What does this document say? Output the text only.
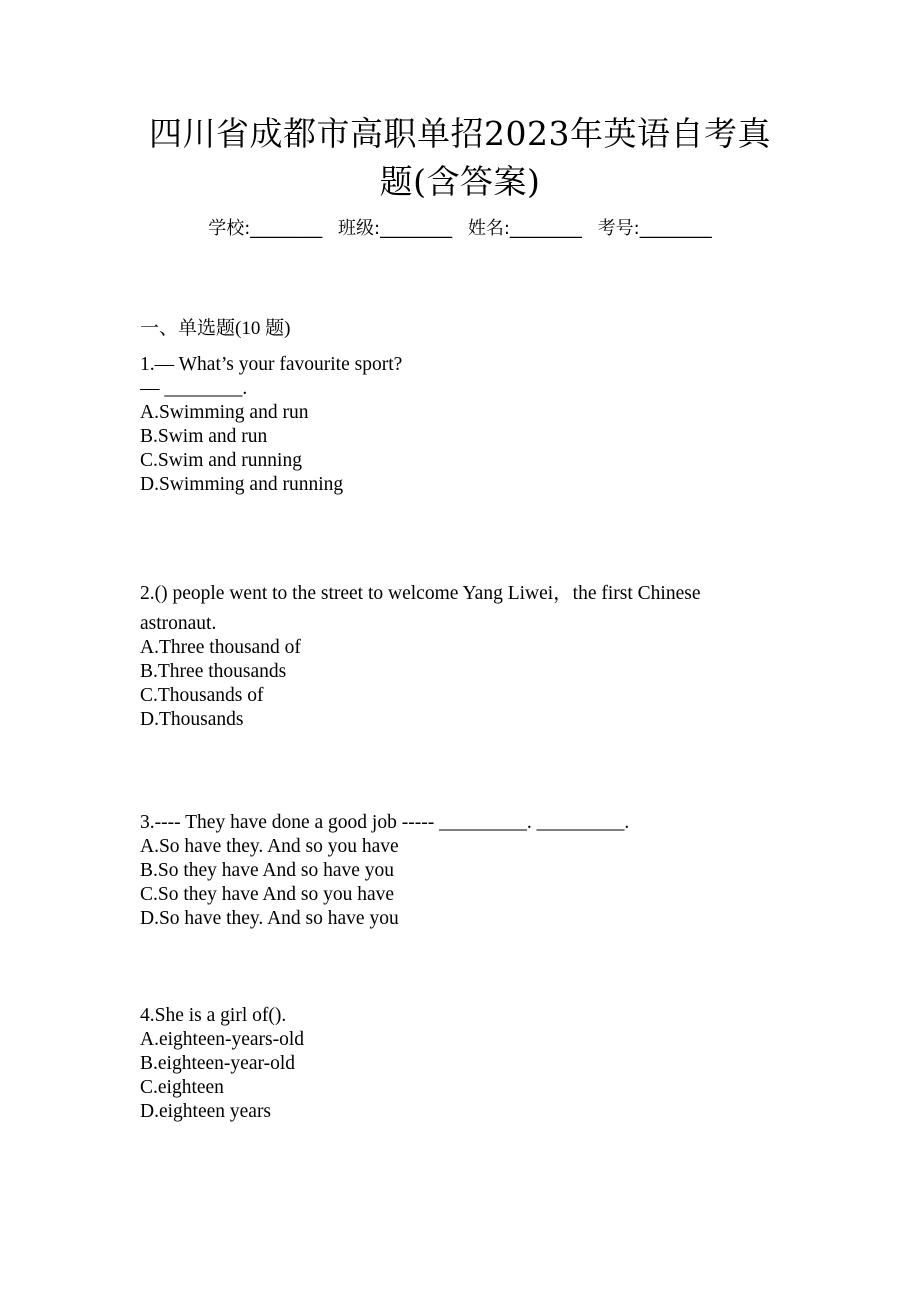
四川省成都市高职单招2023年英语自考真
题(含答案)
学校:________ 班级:________ 姓名:________ 考号:________
一、单选题(10 题)
1.— What’s your favourite sport?
— ________.
A.Swimming and run
B.Swim and run
C.Swim and running
D.Swimming and running
2.() people went to the street to welcome Yang Liwei，the first Chinese
astronaut.
A.Three thousand of
B.Three thousands
C.Thousands of
D.Thousands
3.---- They have done a good job ----- _________. _________.
A.So have they. And so you have
B.So they have And so have you
C.So they have And so you have
D.So have they. And so have you
4.She is a girl of().
A.eighteen-years-old
B.eighteen-year-old
C.eighteen
D.eighteen years
